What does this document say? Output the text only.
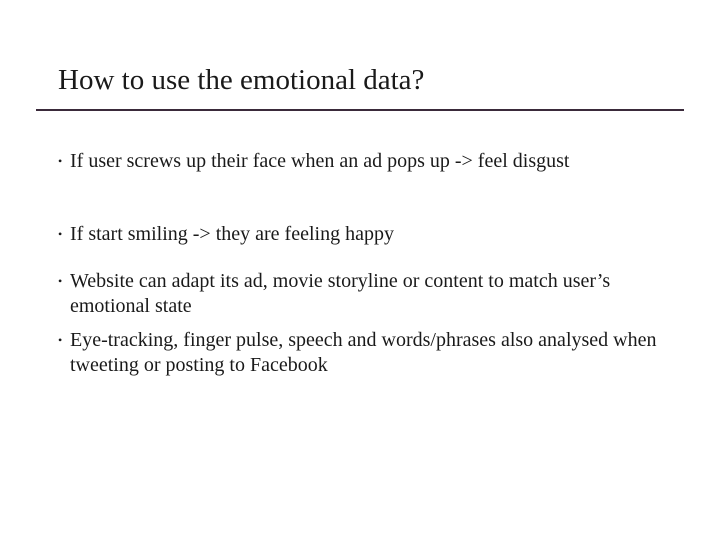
How to use the emotional data?
• If user screws up their face when an ad pops up -> feel disgust
• If start smiling -> they are feeling happy
• Website can adapt its ad, movie storyline or content to match user’s emotional state
• Eye-tracking, finger pulse, speech and words/phrases also analysed when tweeting or posting to Facebook
